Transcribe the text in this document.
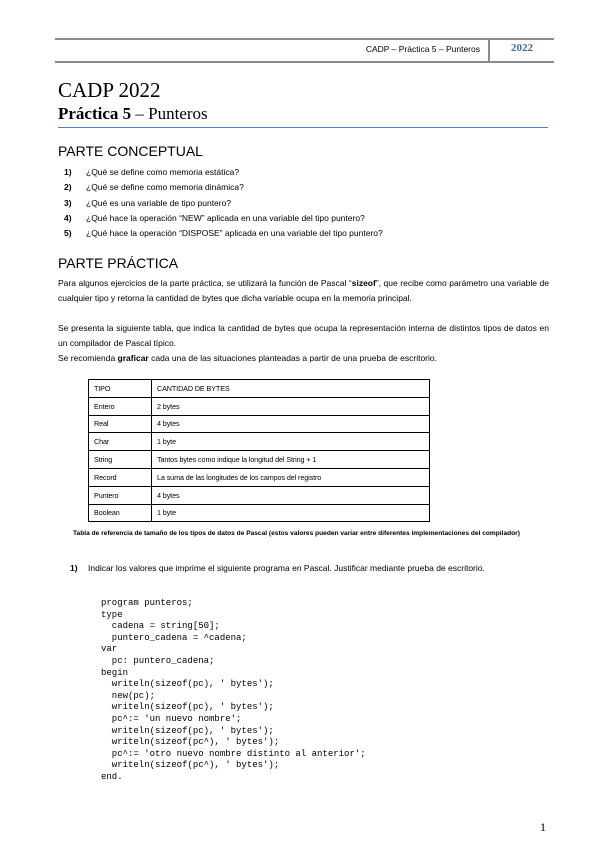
CADP – Práctica 5 – Punteros	2022
CADP 2022
Práctica 5 – Punteros
PARTE CONCEPTUAL
1) ¿Qué se define como memoria estática?
2) ¿Qué se define como memoria dinámica?
3) ¿Qué es una variable de tipo puntero?
4) ¿Qué hace la operación “NEW” aplicada en una variable del tipo puntero?
5) ¿Qué hace la operación “DISPOSE” aplicada en una variable del tipo puntero?
PARTE PRÁCTICA

Para algunos ejercicios de la parte práctica, se utilizará la función de Pascal “sizeof”, que recibe como parámetro una variable de cualquier tipo y retorna la cantidad de bytes que dicha variable ocupa en la memoria principal.

Se presenta la siguiente tabla, que indica la cantidad de bytes que ocupa la representación interna de distintos tipos de datos en un compilador de Pascal típico.

Se recomienda graficar cada una de las situaciones planteadas a partir de una prueba de escritorio.

TIPO	CANTIDAD DE BYTES
Entero	2 bytes
Real	4 bytes
Char	1 byte
String	Tantos bytes como indique la longitud del String + 1
Record	La suma de las longitudes de los campos del registro
Puntero	4 bytes
Boolean	1 byte

Tabla de referencia de tamaño de los tipos de datos de Pascal (estos valores pueden variar entre diferentes implementaciones del compilador)

1)	Indicar los valores que imprime el siguiente programa en Pascal. Justificar mediante prueba de escritorio.
program punteros;
type
cadena = string[50];
puntero_cadena = ^cadena;
var
pc: puntero_cadena;
begin
writeln(sizeof(pc), ' bytes');
new(pc);
writeln(sizeof(pc), ' bytes');
pc^:= 'un nuevo nombre';
writeln(sizeof(pc), ' bytes');
writeln(sizeof(pc^), ' bytes');
pc^:= 'otro nuevo nombre distinto al anterior';
writeln(sizeof(pc^), ' bytes');
end.
1
